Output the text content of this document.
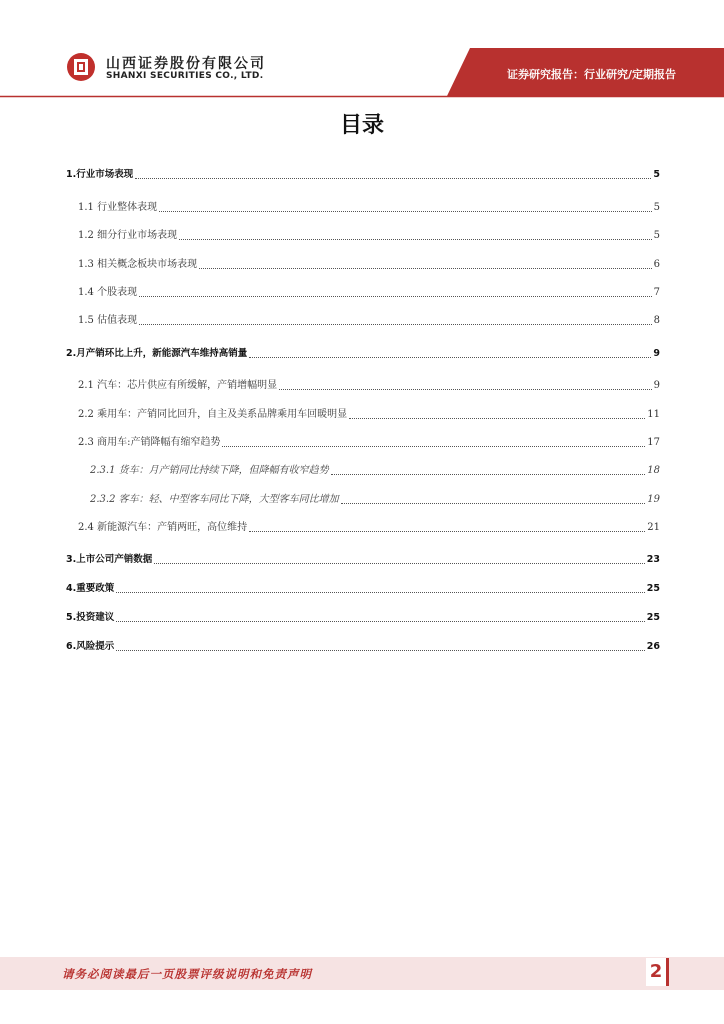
山西证券股份有限公司
SHANXI SECURITIES CO., LTD.	证券研究报告：行业研究/定期报告
目录
1.行业市场表现	5
1.1 行业整体表现	5
1.2 细分行业市场表现	5
1.3 相关概念板块市场表现	6
1.4 个股表现	7
1.5 估值表现	8
2.月产销环比上升，新能源汽车维持高销量	9
2.1 汽车：芯片供应有所缓解，产销增幅明显	9
2.2 乘用车：产销同比回升，自主及美系品牌乘用车回暖明显	11
2.3 商用车:产销降幅有缩窄趋势	17
2.3.1 货车：月产销同比持续下降，但降幅有收窄趋势	18
2.3.2 客车：轻、中型客车同比下降，大型客车同比增加	19
2.4 新能源汽车：产销两旺，高位维持	21
3.上市公司产销数据	23
4.重要政策	25
5.投资建议	25
6.风险提示	26
请务必阅读最后一页股票评级说明和免责声明	2
